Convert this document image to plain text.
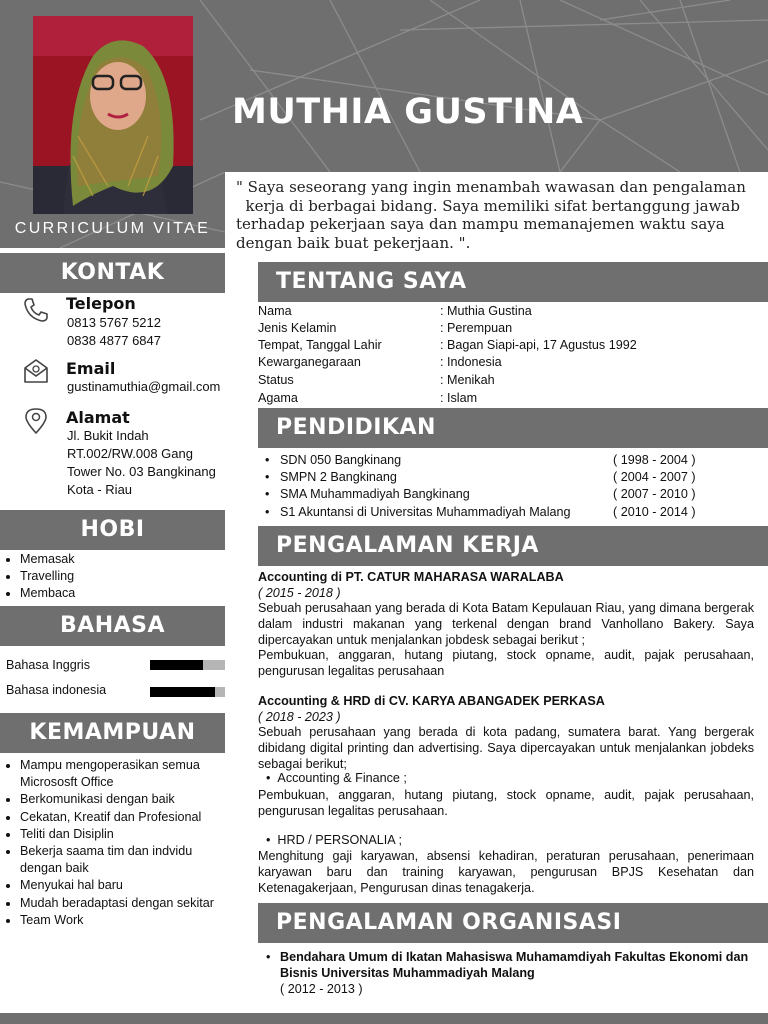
MUTHIA GUSTINA
CURRICULUM VITAE
" Saya seseorang yang ingin menambah wawasan dan pengalaman
kerja di berbagai bidang. Saya memiliki sifat bertanggung jawab
terhadap pekerjaan saya dan mampu memanajemen waktu saya
dengan baik buat pekerjaan. ".
KONTAK
Telepon
0813 5767 5212
0838 4877 6847
Email
gustinamuthia@gmail.com
Alamat
Jl. Bukit Indah
RT.002/RW.008 Gang
Tower No. 03 Bangkinang
Kota - Riau
HOBI
• Memasak
• Travelling
• Membaca
BAHASA
Bahasa Inggris
Bahasa indonesia
KEMAMPUAN
• Mampu mengoperasikan semua Micrososft Office
• Berkomunikasi dengan baik
• Cekatan, Kreatif dan Profesional
• Teliti dan Disiplin
• Bekerja saama tim dan indvidu dengan baik
• Menyukai hal baru
• Mudah beradaptasi dengan sekitar
• Team Work
TENTANG SAYA
Nama	: Muthia Gustina
Jenis Kelamin	: Perempuan
Tempat, Tanggal Lahir	: Bagan Siapi-api, 17 Agustus 1992
Kewarganegaraan	: Indonesia
Status	: Menikah
Agama	: Islam
PENDIDIKAN
• SDN 050 Bangkinang	( 1998 - 2004 )
• SMPN 2 Bangkinang	( 2004 - 2007 )
• SMA Muhammadiyah Bangkinang	( 2007 - 2010 )
• S1 Akuntansi di Universitas Muhammadiyah Malang	( 2010 - 2014 )
PENGALAMAN KERJA
Accounting di PT. CATUR MAHARASA WARALABA
( 2015 - 2018 )
Sebuah perusahaan yang berada di Kota Batam Kepulauan Riau, yang dimana bergerak dalam industri makanan yang terkenal dengan brand Vanhollano Bakery. Saya dipercayakan untuk menjalankan jobdesk sebagai berikut ;
Pembukuan, anggaran, hutang piutang, stock opname, audit, pajak perusahaan, pengurusan legalitas perusahaan
Accounting & HRD di CV. KARYA ABANGADEK PERKASA
( 2018 - 2023 )
Sebuah perusahaan yang berada di kota padang, sumatera barat. Yang bergerak dibidang digital printing dan advertising. Saya dipercayakan untuk menjalankan jobdeks sebagai berikut;
•  Accounting & Finance ;
Pembukuan, anggaran, hutang piutang, stock opname, audit, pajak perusahaan, pengurusan legalitas perusahaan.
•  HRD / PERSONALIA ;
Menghitung gaji karyawan, absensi kehadiran, peraturan perusahaan, penerimaan karyawan baru dan training karyawan, pengurusan BPJS Kesehatan dan Ketenagakerjaan, Pengurusan dinas tenagakerja.
PENGALAMAN ORGANISASI
• Bendahara Umum di Ikatan Mahasiswa Muhamamdiyah Fakultas Ekonomi dan Bisnis Universitas Muhammadiyah Malang
( 2012 - 2013 )
